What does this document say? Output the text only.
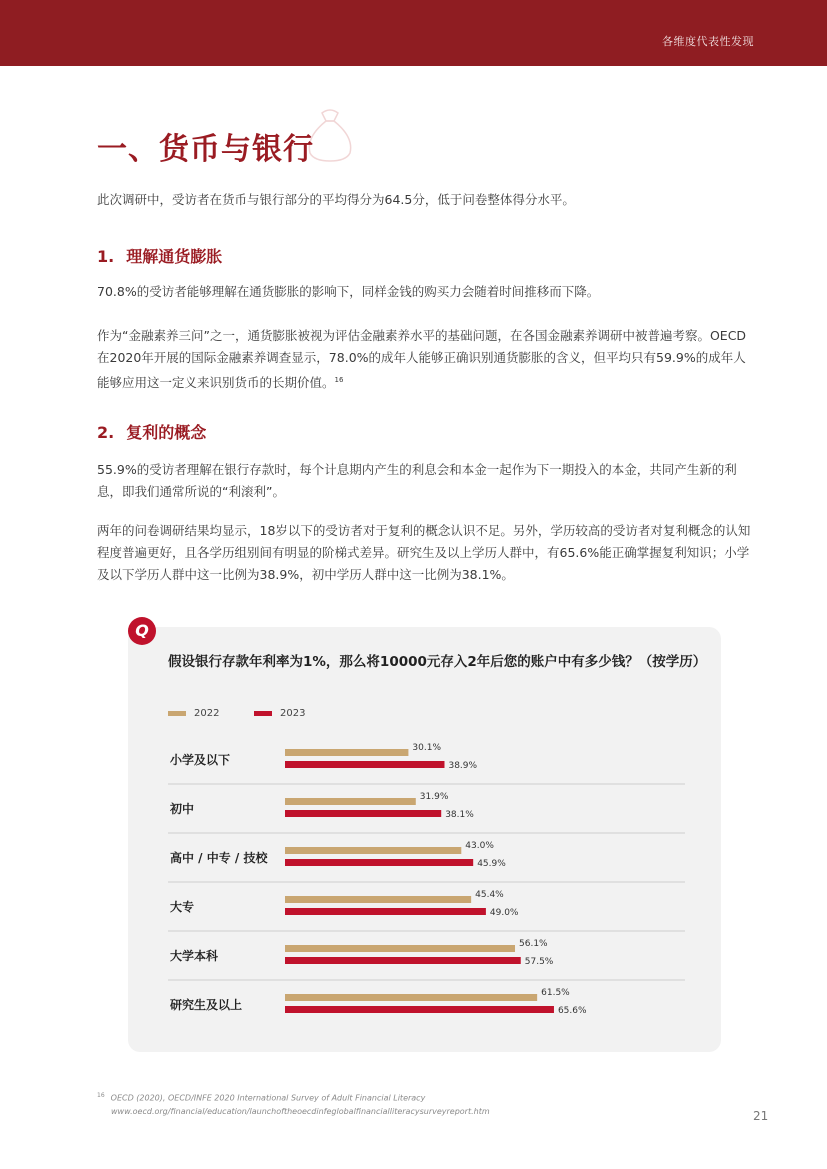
各维度代表性发现
一、货币与银行

此次调研中，受访者在货币与银行部分的平均得分为64.5分，低于问卷整体得分水平。

1. 理解通货膨胀

70.8%的受访者能够理解在通货膨胀的影响下，同样金钱的购买力会随着时间推移而下降。

作为“金融素养三问”之一，通货膨胀被视为评估金融素养水平的基础问题，在各国金融素养调研中被普遍考察。OECD在2020年开展的国际金融素养调查显示，78.0%的成年人能够正确识别通货膨胀的含义，但平均只有59.9%的成年人能够应用这一定义来识别货币的长期价值。$^{16}$

2. 复利的概念

55.9%的受访者理解在银行存款时，每个计息期内产生的利息会和本金一起作为下一期投入的本金，共同产生新的利息，即我们通常所说的“利滚利”。

两年的问卷调研结果均显示，18岁以下的受访者对于复利的概念认识不足。另外，学历较高的受访者对复利概念的认知程度普遍更好，且各学历组别间有明显的阶梯式差异。研究生及以上学历人群中，有65.6%能正确掌握复利知识；小学及以下学历人群中这一比例为38.9%，初中学历人群中这一比例为38.1%。

Q

假设银行存款年利率为1%，那么将10000元存入2年后您的账户中有多少钱？（按学历）

2022	2023
小学及以下
30.1%
38.9%
初中
31.9%
38.1%
高中 / 中专 / 技校
43.0%
45.9%
大专
45.4%
49.0%
大学本科
56.1%
57.5%
研究生及以上
61.5%
65.6%
$^{16}$ OECD (2020), OECD/INFE 2020 International Survey of Adult Financial Literacy
www.oecd.org/financial/education/launchoftheoecdinfeglobalfinancialliteracysurveyreport.htm	21
